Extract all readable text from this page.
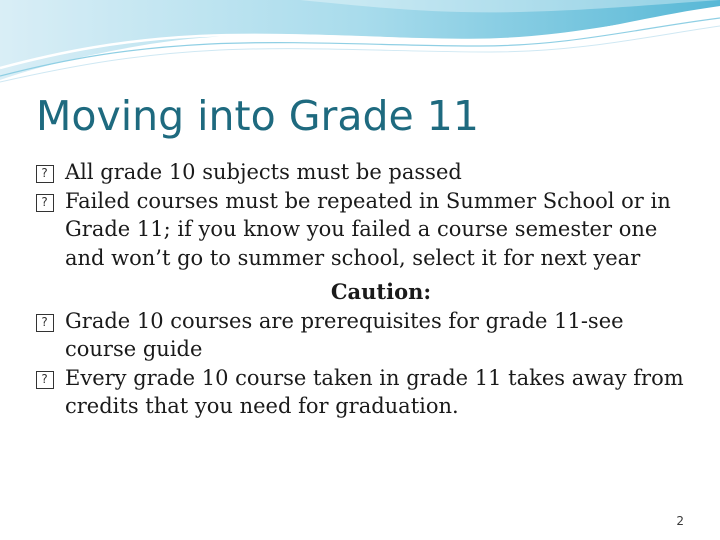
Moving into Grade 11
?
All grade 10 subjects must be passed
?
Failed courses must be repeated in Summer School or in Grade 11; if you know you failed a course semester one and won’t go to summer school, select it for next year
Caution:
?
Grade 10 courses are prerequisites for grade 11-see course guide
?
Every grade 10 course taken in grade 11 takes away from credits that you need for graduation.
2
